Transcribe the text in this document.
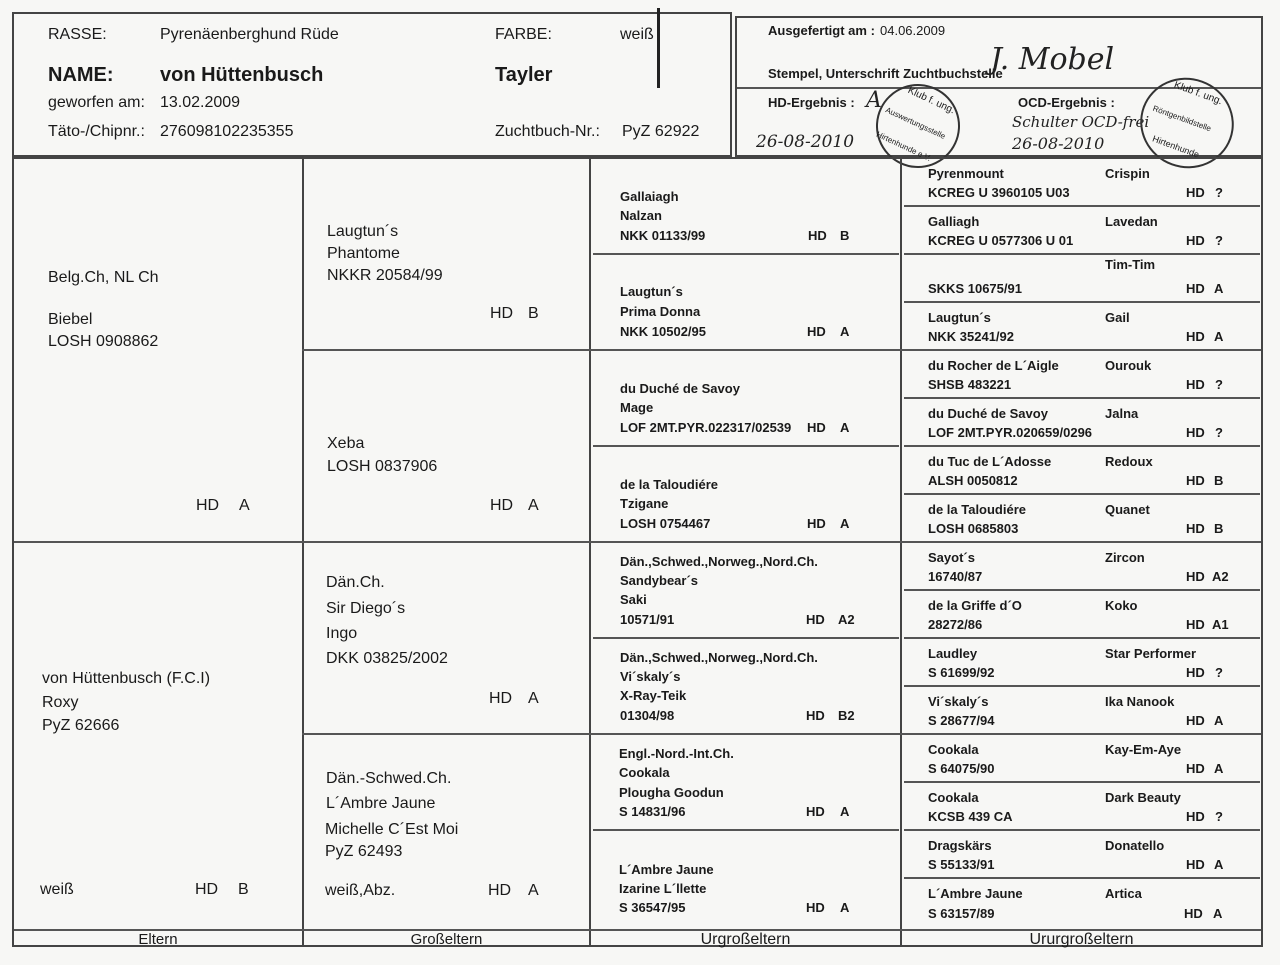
RASSE:	Pyrenäenberghund Rüde	FARBE:	weiß
NAME: von Hüttenbusch	Tayler
geworfen am: 13.02.2009
Täto-/Chipnr.: 276098102235355	Zuchtbuch-Nr.: PyZ 62922
Ausgefertigt am : 04.06.2009
Stempel, Unterschrift Zuchtbuchstelle
J. Mobel
HD-Ergebnis : A
26-08-2010
OCD-Ergebnis :
Schulter OCD-frei
26-08-2010
Klub f. ung.
Auswertungsstelle
Hirtenhunde e.V.
Klub f. ung.
Röntgenbildstelle
Hirtenhunde
Belg.Ch, NL Ch
Biebel
LOSH 0908862
HD A
von Hüttenbusch (F.C.I)
Roxy
PyZ 62666
weiß	HD B
Laugtun´s
Phantome
NKKR 20584/99
HD B
Xeba
LOSH 0837906
HD A
Dän.Ch.
Sir Diego´s
Ingo
DKK 03825/2002
HD A
Dän.-Schwed.Ch.
L´Ambre Jaune
Michelle C´Est Moi
PyZ 62493
weiß,Abz.	HD A
Gallaiagh
Nalzan
NKK 01133/99	HD B
Laugtun´s
Prima Donna
NKK 10502/95	HD A
du Duché de Savoy
Mage
LOF 2MT.PYR.022317/02539 HD A
de la Taloudiére
Tzigane
LOSH 0754467	HD A
Dän.,Schwed.,Norweg.,Nord.Ch.
Sandybear´s
Saki
10571/91	HD A2
Dän.,Schwed.,Norweg.,Nord.Ch.
Vi´skaly´s
X-Ray-Teik
01304/98	HD B2
Engl.-Nord.-Int.Ch.
Cookala
Plougha Goodun
S 14831/96	HD A
L´Ambre Jaune
Izarine L´llette
S 36547/95	HD A
Pyrenmount	Crispin
KCREG U 3960105 U03	HD ?
Galliagh	Lavedan
KCREG U 0577306 U 01	HD ?
Tim-Tim
SKKS 10675/91	HD A
Laugtun´s	Gail
NKK 35241/92	HD A
du Rocher de L´Aigle	Ourouk
SHSB 483221	HD ?
du Duché de Savoy	Jalna
LOF 2MT.PYR.020659/0296	HD ?
du Tuc de L´Adosse	Redoux
ALSH 0050812	HD B
de la Taloudiére	Quanet
LOSH 0685803	HD B
Sayot´s	Zircon
16740/87	HD A2
de la Griffe d´O	Koko
28272/86	HD A1
Laudley	Star Performer
S 61699/92	HD ?
Vi´skaly´s	Ika Nanook
S 28677/94	HD A
Cookala	Kay-Em-Aye
S 64075/90	HD A
Cookala	Dark Beauty
KCSB 439 CA	HD ?
Dragskärs	Donatello
S 55133/91	HD A
L´Ambre Jaune	Artica
S 63157/89	HD A
Eltern	Großeltern	Urgroßeltern	Ururgroßeltern
